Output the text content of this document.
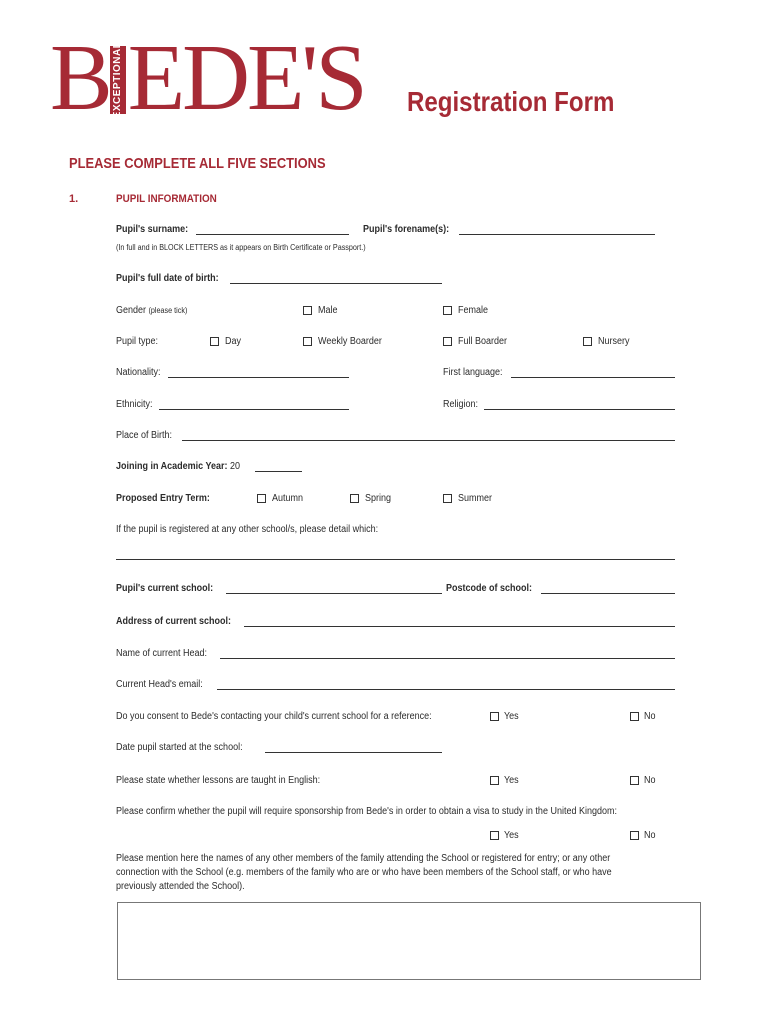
B EXCEPTIONAL EDE'S Registration Form
PLEASE COMPLETE ALL FIVE SECTIONS
1.	PUPIL INFORMATION
Pupil's surname:	Pupil's forename(s):
(In full and in BLOCK LETTERS as it appears on Birth Certificate or Passport.)
Pupil's full date of birth:
Gender (please tick)	Male	Female
Pupil type:	Day	Weekly Boarder	Full Boarder	Nursery
Nationality:	First language:
Ethnicity:	Religion:
Place of Birth:
Joining in Academic Year: 20
Proposed Entry Term:	Autumn	Spring	Summer
If the pupil is registered at any other school/s, please detail which:
Pupil's current school:	Postcode of school:
Address of current school:
Name of current Head:
Current Head's email:
Do you consent to Bede's contacting your child's current school for a reference:	Yes	No
Date pupil started at the school:
Please state whether lessons are taught in English:	Yes	No
Please confirm whether the pupil will require sponsorship from Bede's in order to obtain a visa to study in the United Kingdom:
Yes	No
Please mention here the names of any other members of the family attending the School or registered for entry; or any other
connection with the School (e.g. members of the family who are or who have been members of the School staff, or who have
previously attended the School).
